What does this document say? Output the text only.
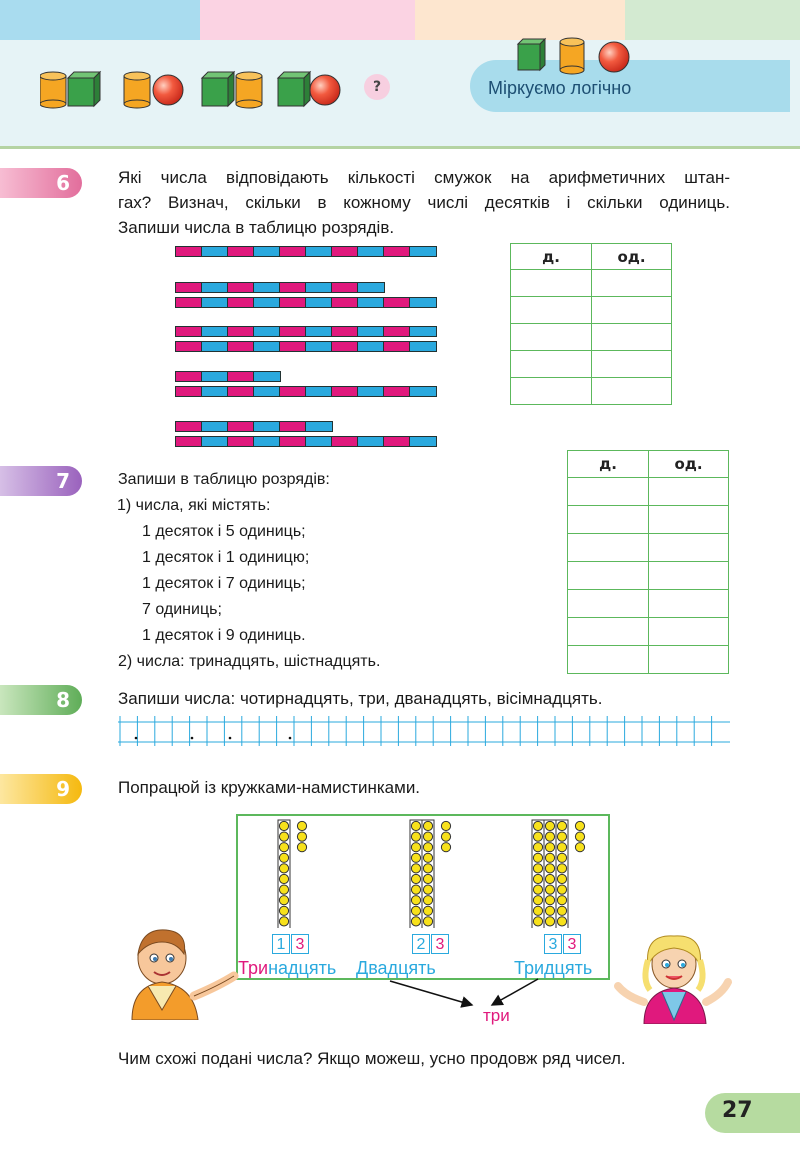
?	Міркуємо логічно
6	Які числа відповідають кількості смужок на арифметичних штан-
гах? Визнач, скільки в кожному числі десятків і скільки одиниць.
Запиши числа в таблицю розрядів.
д.	од.

7	Запиши в таблицю розрядів:
1) числа, які містять:
1 десяток і 5 одиниць;
1 десяток і 1 одиницю;
1 десяток і 7 одиниць;
7 одиниць;
1 десяток і 9 одиниць.
2) числа: тринадцять, шістнадцять.
д.	од.

8	Запиши числа: чотирнадцять, три, дванадцять, вісімнадцять.
9	Попрацюй із кружками-намистинками.
1 3	2 3	3 3
Тринадцять Двадцять	Тридцять
три
Чим схожі подані числа? Якщо можеш, усно продовж ряд чисел.
27
